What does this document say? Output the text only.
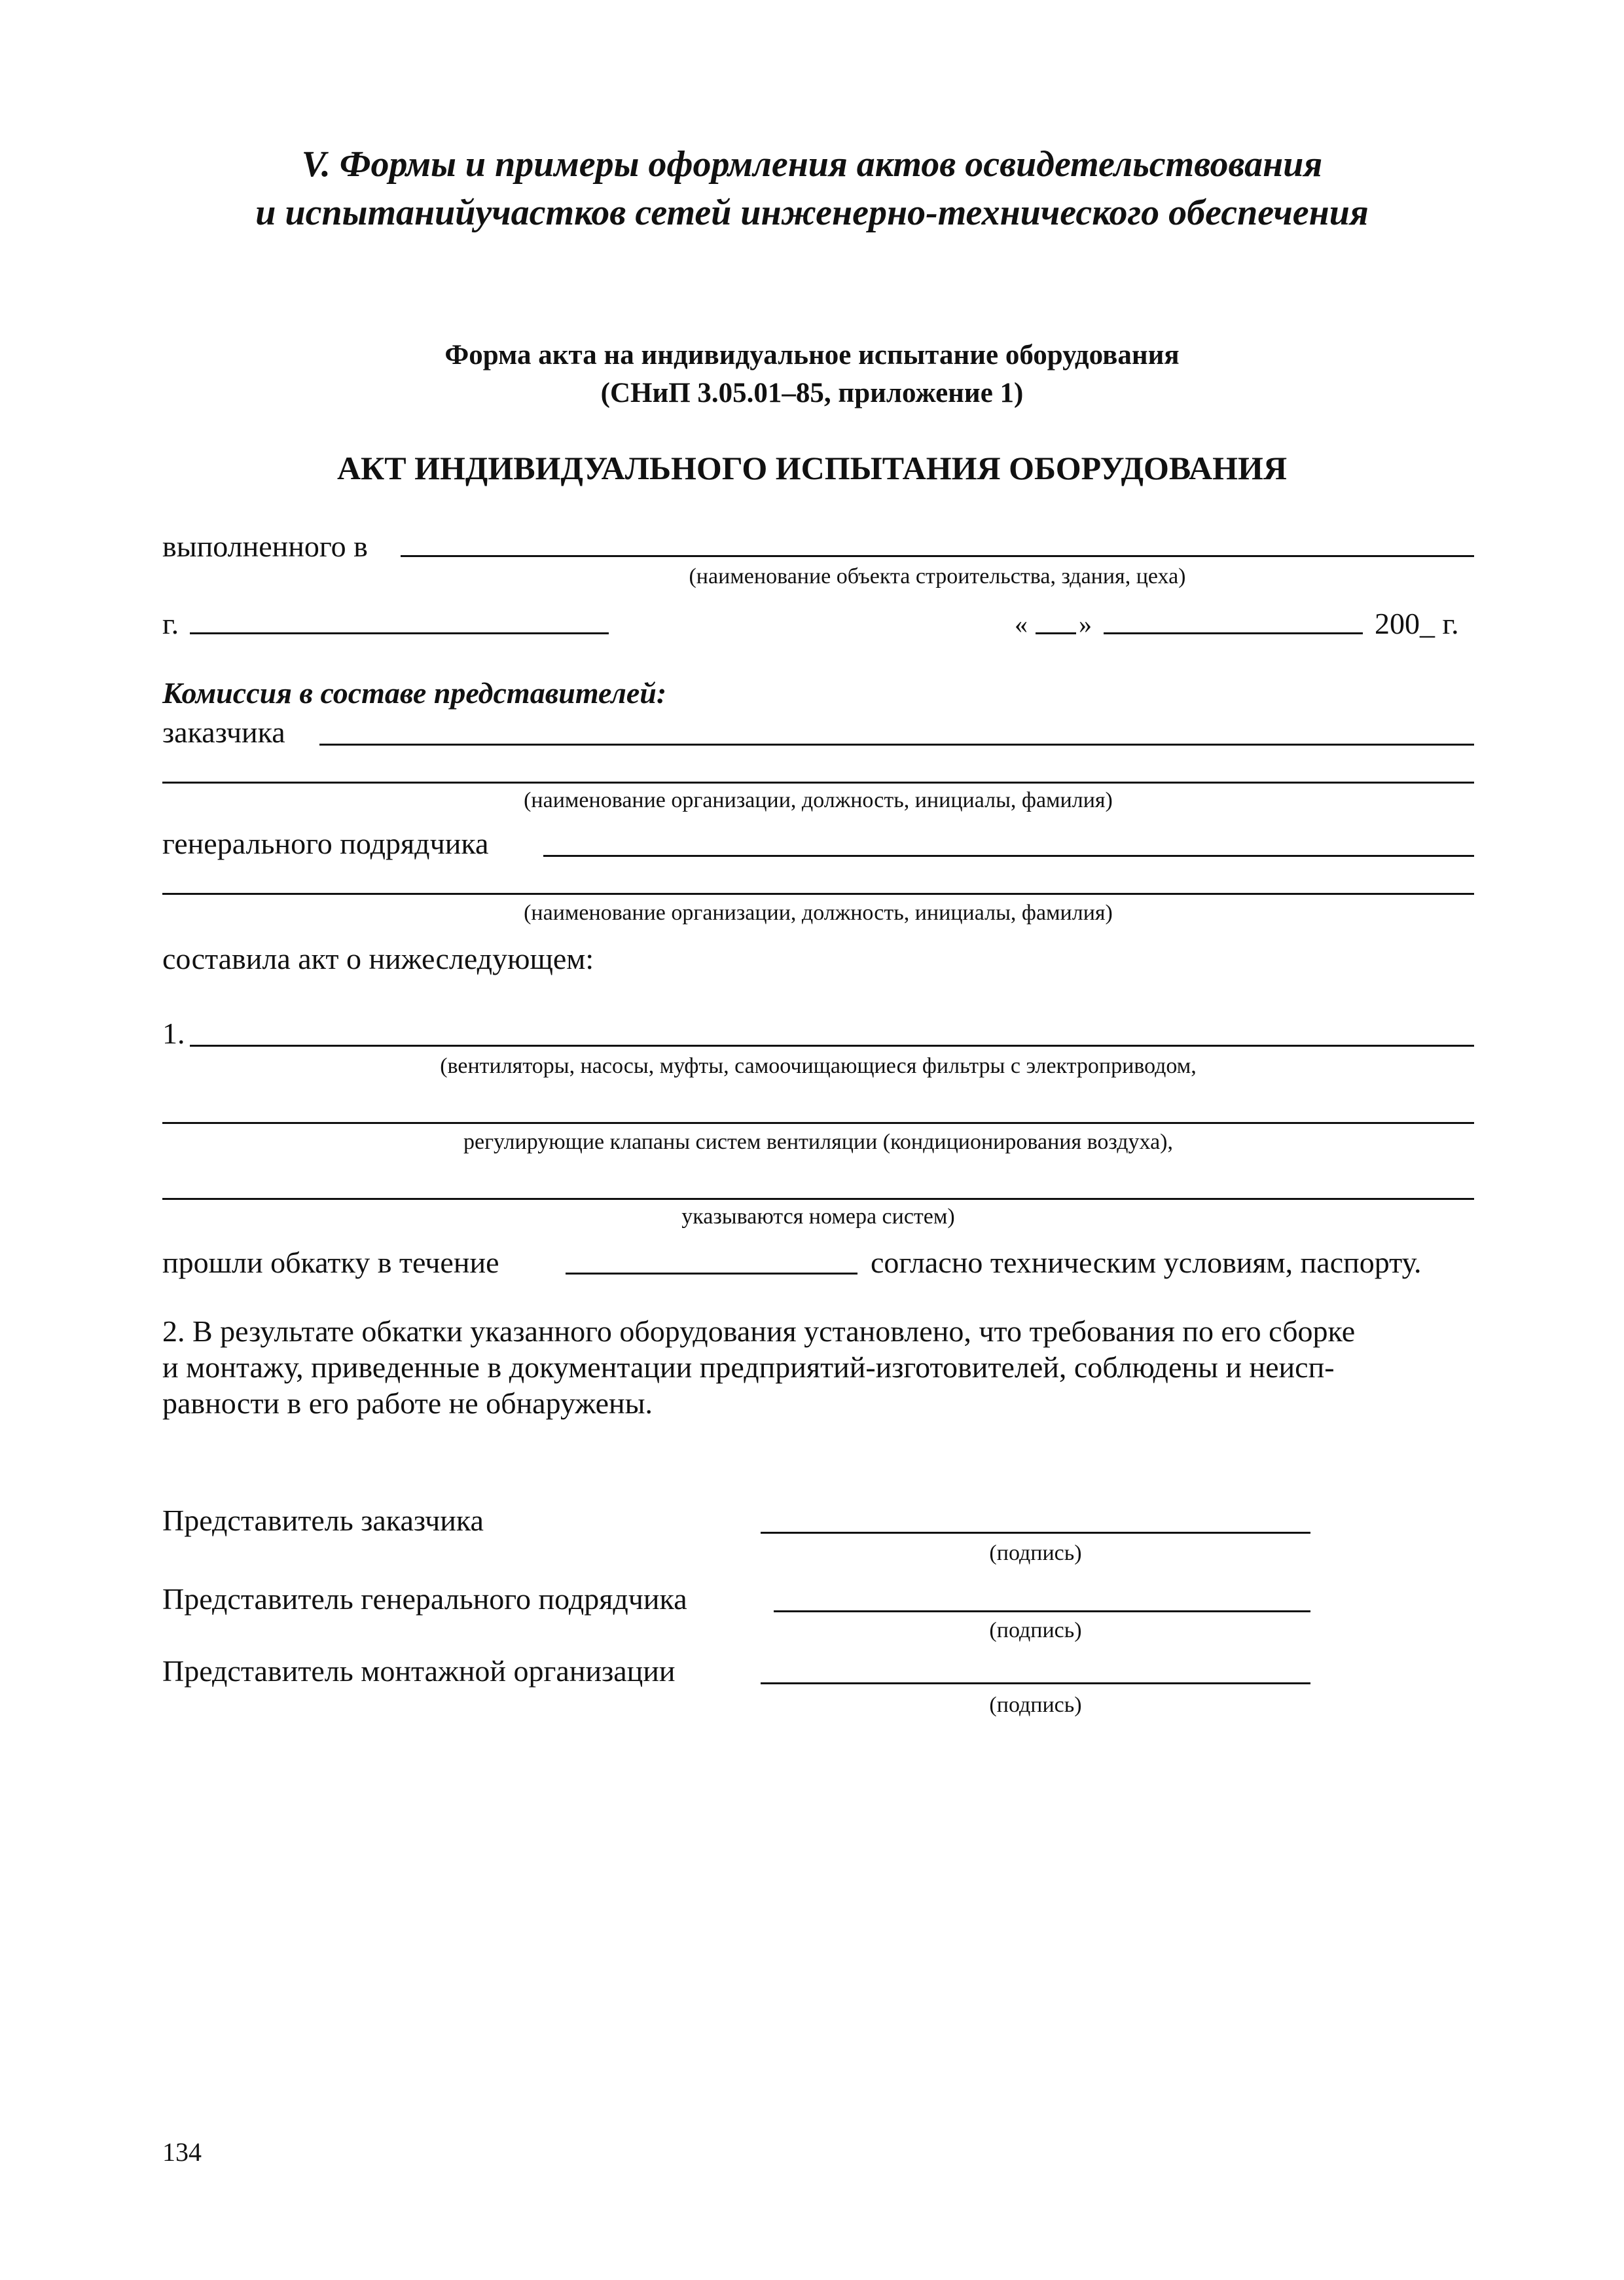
V. Формы и примеры оформления актов освидетельствования
и испытанийучастков сетей инженерно-технического обеспечения
Форма акта на индивидуальное испытание оборудования
(СНиП 3.05.01–85, приложение 1)
АКТ ИНДИВИДУАЛЬНОГО ИСПЫТАНИЯ ОБОРУДОВАНИЯ
выполненного в
(наименование объекта строительства, здания, цеха)
г.	« »	200_ г.
Комиссия в составе представителей:
заказчика
(наименование организации, должность, инициалы, фамилия)
генерального подрядчика
(наименование организации, должность, инициалы, фамилия)
составила акт о нижеследующем:
1.
(вентиляторы, насосы, муфты, самоочищающиеся фильтры с электроприводом,
регулирующие клапаны систем вентиляции (кондиционирования воздуха),
указываются номера систем)
прошли обкатку в течение	согласно техническим условиям, паспорту.
2. В результате обкатки указанного оборудования установлено, что требования по его сборке
и монтажу, приведенные в документации предприятий-изготовителей, соблюдены и неисп-
равности в его работе не обнаружены.
Представитель заказчика
(подпись)
Представитель генерального подрядчика
(подпись)
Представитель монтажной организации
(подпись)
134
